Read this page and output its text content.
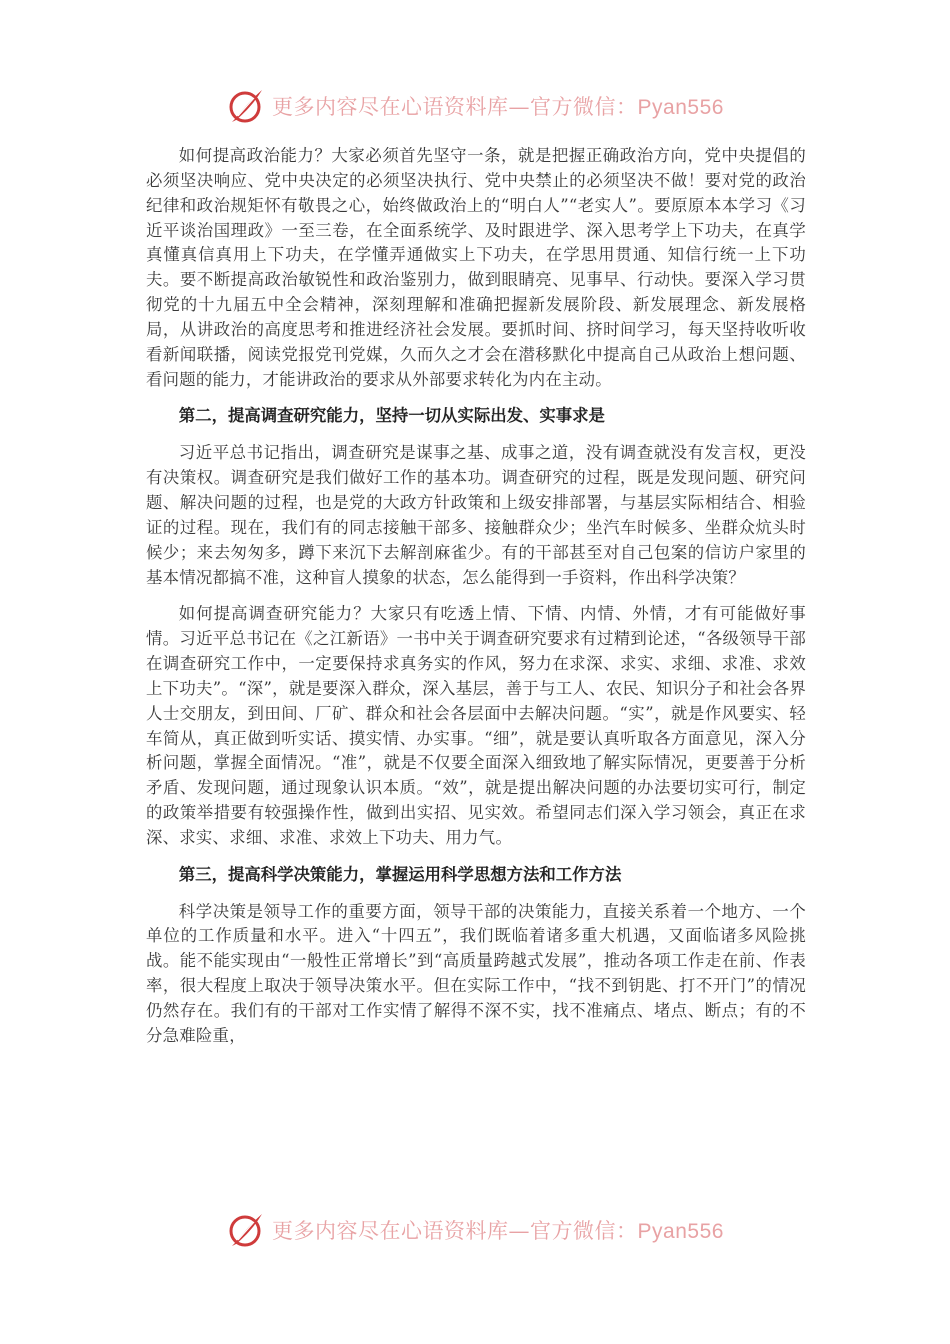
更多内容尽在心语资料库—官方微信：Pyan556

如何提高政治能力？大家必须首先坚守一条，就是把握正确政治方向，党中央提倡的必须坚决响应、党中央决定的必须坚决执行、党中央禁止的必须坚决不做！要对党的政治纪律和政治规矩怀有敬畏之心，始终做政治上的“明白人”“老实人”。要原原本本学习《习近平谈治国理政》一至三卷，在全面系统学、及时跟进学、深入思考学上下功夫，在真学真懂真信真用上下功夫，在学懂弄通做实上下功夫，在学思用贯通、知信行统一上下功夫。要不断提高政治敏锐性和政治鉴别力，做到眼睛亮、见事早、行动快。要深入学习贯彻党的十九届五中全会精神，深刻理解和准确把握新发展阶段、新发展理念、新发展格局，从讲政治的高度思考和推进经济社会发展。要抓时间、挤时间学习，每天坚持收听收看新闻联播，阅读党报党刊党媒，久而久之才会在潜移默化中提高自己从政治上想问题、看问题的能力，才能讲政治的要求从外部要求转化为内在主动。

第二，提高调查研究能力，坚持一切从实际出发、实事求是

习近平总书记指出，调查研究是谋事之基、成事之道，没有调查就没有发言权，更没有决策权。调查研究是我们做好工作的基本功。调查研究的过程，既是发现问题、研究问题、解决问题的过程，也是党的大政方针政策和上级安排部署，与基层实际相结合、相验证的过程。现在，我们有的同志接触干部多、接触群众少；坐汽车时候多、坐群众炕头时候少；来去匆匆多，蹲下来沉下去解剖麻雀少。有的干部甚至对自己包案的信访户家里的基本情况都搞不准，这种盲人摸象的状态，怎么能得到一手资料，作出科学决策？

如何提高调查研究能力？大家只有吃透上情、下情、内情、外情，才有可能做好事情。习近平总书记在《之江新语》一书中关于调查研究要求有过精到论述，“各级领导干部在调查研究工作中，一定要保持求真务实的作风，努力在求深、求实、求细、求准、求效上下功夫”。“深”，就是要深入群众，深入基层，善于与工人、农民、知识分子和社会各界人士交朋友，到田间、厂矿、群众和社会各层面中去解决问题。“实”，就是作风要实、轻车简从，真正做到听实话、摸实情、办实事。“细”，就是要认真听取各方面意见，深入分析问题，掌握全面情况。“准”，就是不仅要全面深入细致地了解实际情况，更要善于分析矛盾、发现问题，通过现象认识本质。“效”，就是提出解决问题的办法要切实可行，制定的政策举措要有较强操作性，做到出实招、见实效。希望同志们深入学习领会，真正在求深、求实、求细、求准、求效上下功夫、用力气。

第三，提高科学决策能力，掌握运用科学思想方法和工作方法

科学决策是领导工作的重要方面，领导干部的决策能力，直接关系着一个地方、一个单位的工作质量和水平。进入“十四五”，我们既临着诸多重大机遇，又面临诸多风险挑战。能不能实现由“一般性正常增长”到“高质量跨越式发展”，推动各项工作走在前、作表率，很大程度上取决于领导决策水平。但在实际工作中，“找不到钥匙、打不开门”的情况仍然存在。我们有的干部对工作实情了解得不深不实，找不准痛点、堵点、断点；有的不分急难险重，

更多内容尽在心语资料库—官方微信：Pyan556
